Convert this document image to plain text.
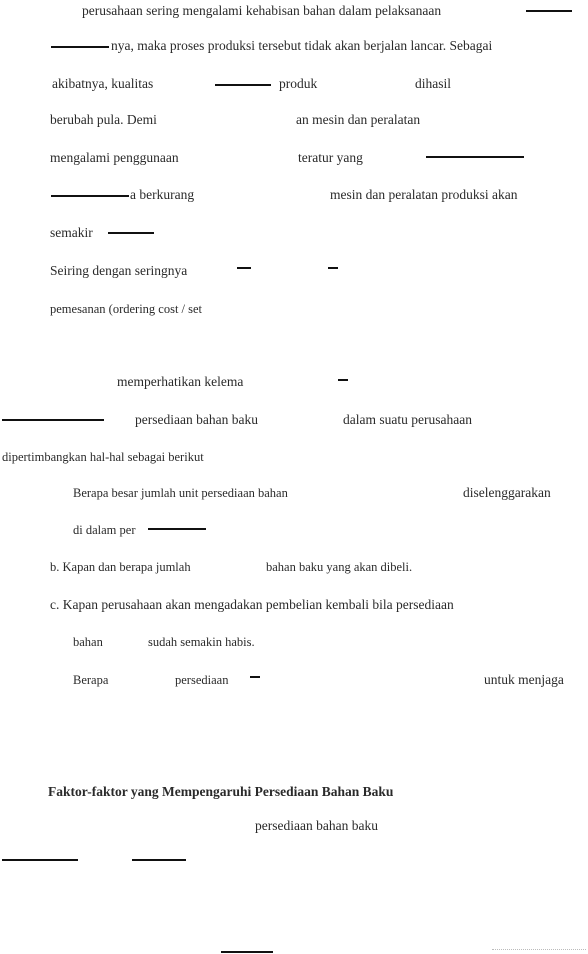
perusahaan sering mengalami kehabisan bahan dalam pelaksanaan
nya, maka proses produksi tersebut tidak akan berjalan lancar. Sebagai
akibatnya, kualitas	produk	dihasil
berubah pula. Demi	an mesin dan peralatan
mengalami penggunaan	teratur yang
a berkurang	mesin dan peralatan produksi akan
semakir
Seiring dengan seringnya
pemesanan (ordering cost / set
memperhatikan kelema
persediaan bahan baku	dalam suatu perusahaan
dipertimbangkan hal-hal sebagai berikut
Berapa besar jumlah unit persediaan bahan	diselenggarakan
di dalam per
b. Kapan dan berapa jumlah	bahan baku yang akan dibeli.
c. Kapan perusahaan akan mengadakan pembelian kembali bila persediaan
bahan	sudah semakin habis.
Berapa	persediaan	untuk menjaga
Faktor-faktor yang Mempengaruhi Persediaan Bahan Baku
persediaan bahan baku
